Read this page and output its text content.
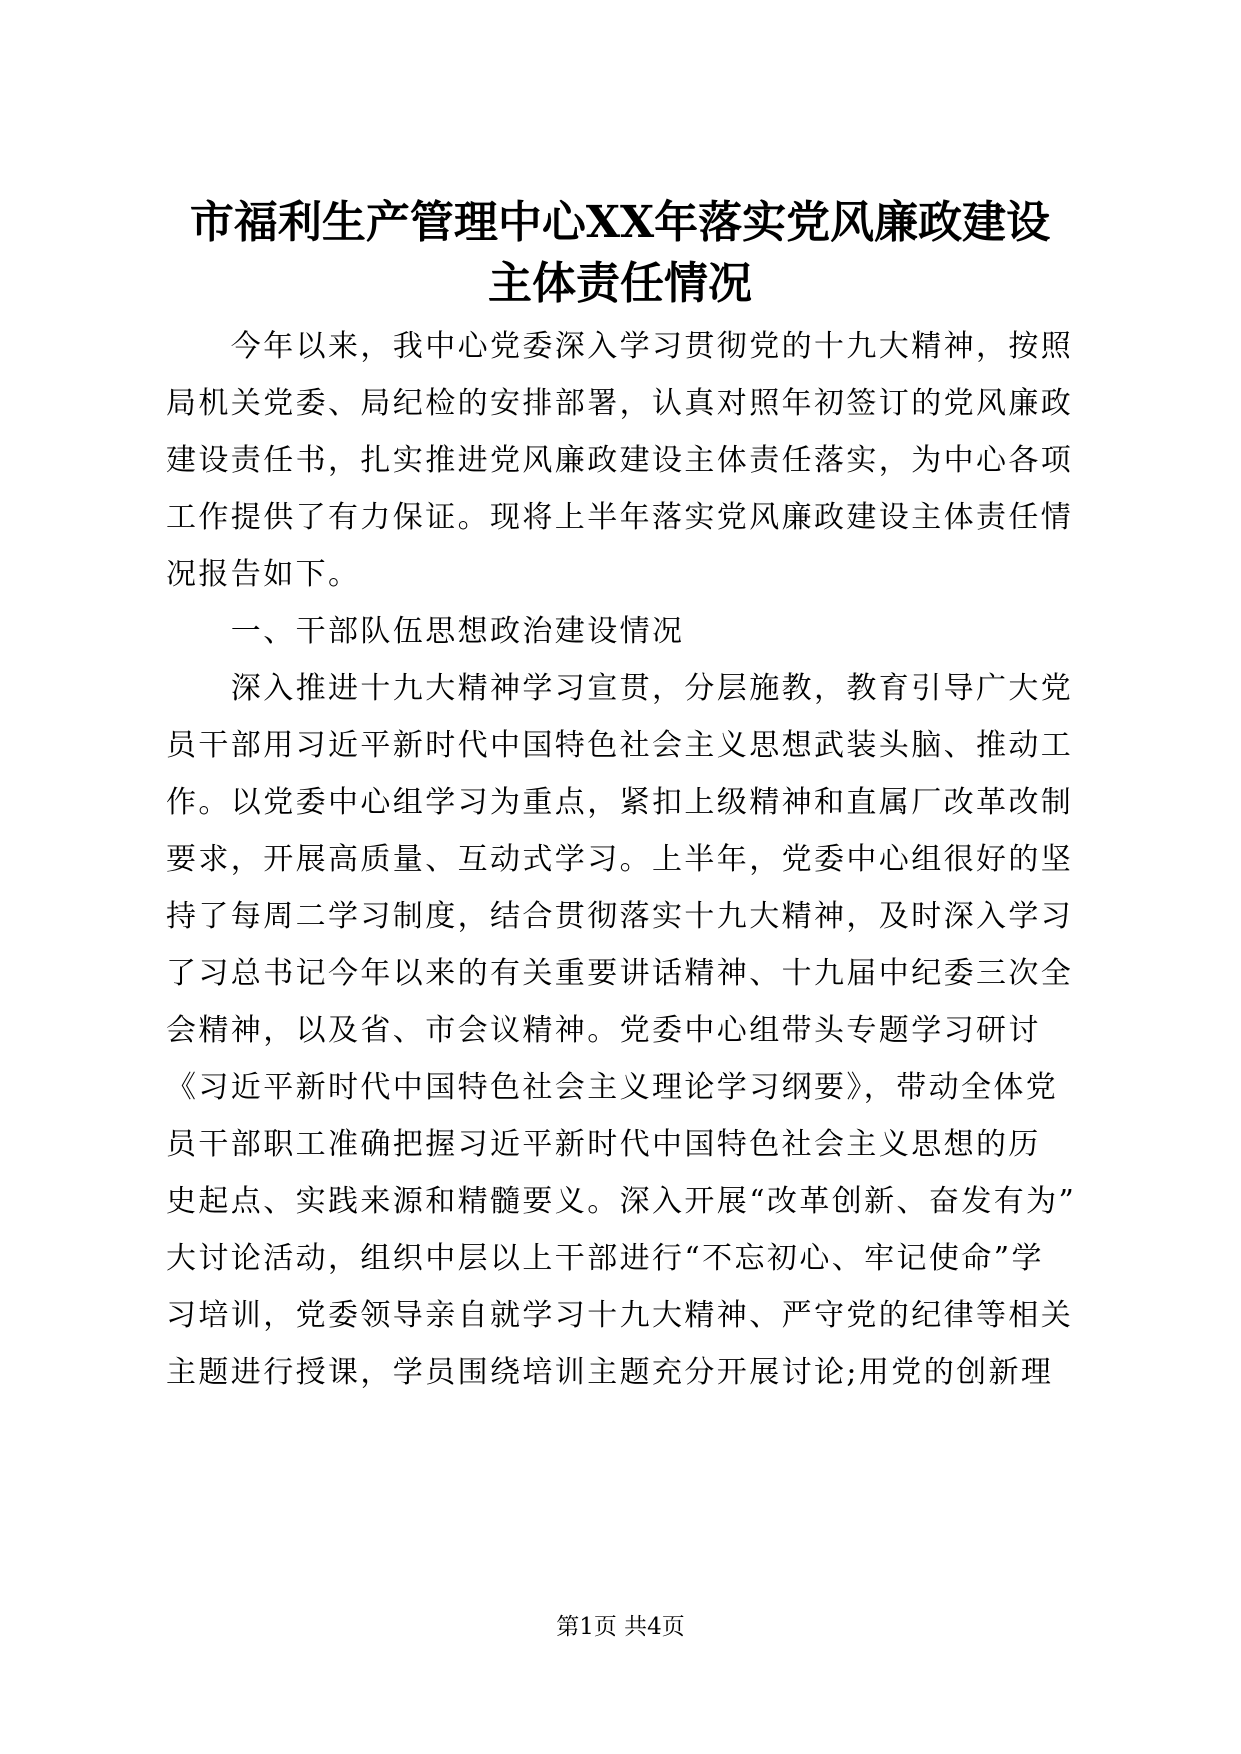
市福利生产管理中心XX年落实党风廉政建设
主体责任情况
　　今年以来，我中心党委深入学习贯彻党的十九大精神，按照
局机关党委、局纪检的安排部署，认真对照年初签订的党风廉政
建设责任书，扎实推进党风廉政建设主体责任落实，为中心各项
工作提供了有力保证。现将上半年落实党风廉政建设主体责任情
况报告如下。
　　一、干部队伍思想政治建设情况
　　深入推进十九大精神学习宣贯，分层施教，教育引导广大党
员干部用习近平新时代中国特色社会主义思想武装头脑、推动工
作。以党委中心组学习为重点，紧扣上级精神和直属厂改革改制
要求，开展高质量、互动式学习。上半年，党委中心组很好的坚
持了每周二学习制度，结合贯彻落实十九大精神，及时深入学习
了习总书记今年以来的有关重要讲话精神、十九届中纪委三次全
会精神，以及省、市会议精神。党委中心组带头专题学习研讨
《习近平新时代中国特色社会主义理论学习纲要》，带动全体党
员干部职工准确把握习近平新时代中国特色社会主义思想的历
史起点、实践来源和精髓要义。深入开展“改革创新、奋发有为”
大讨论活动，组织中层以上干部进行“不忘初心、牢记使命”学
习培训，党委领导亲自就学习十九大精神、严守党的纪律等相关
主题进行授课，学员围绕培训主题充分开展讨论;用党的创新理
第1页 共4页
